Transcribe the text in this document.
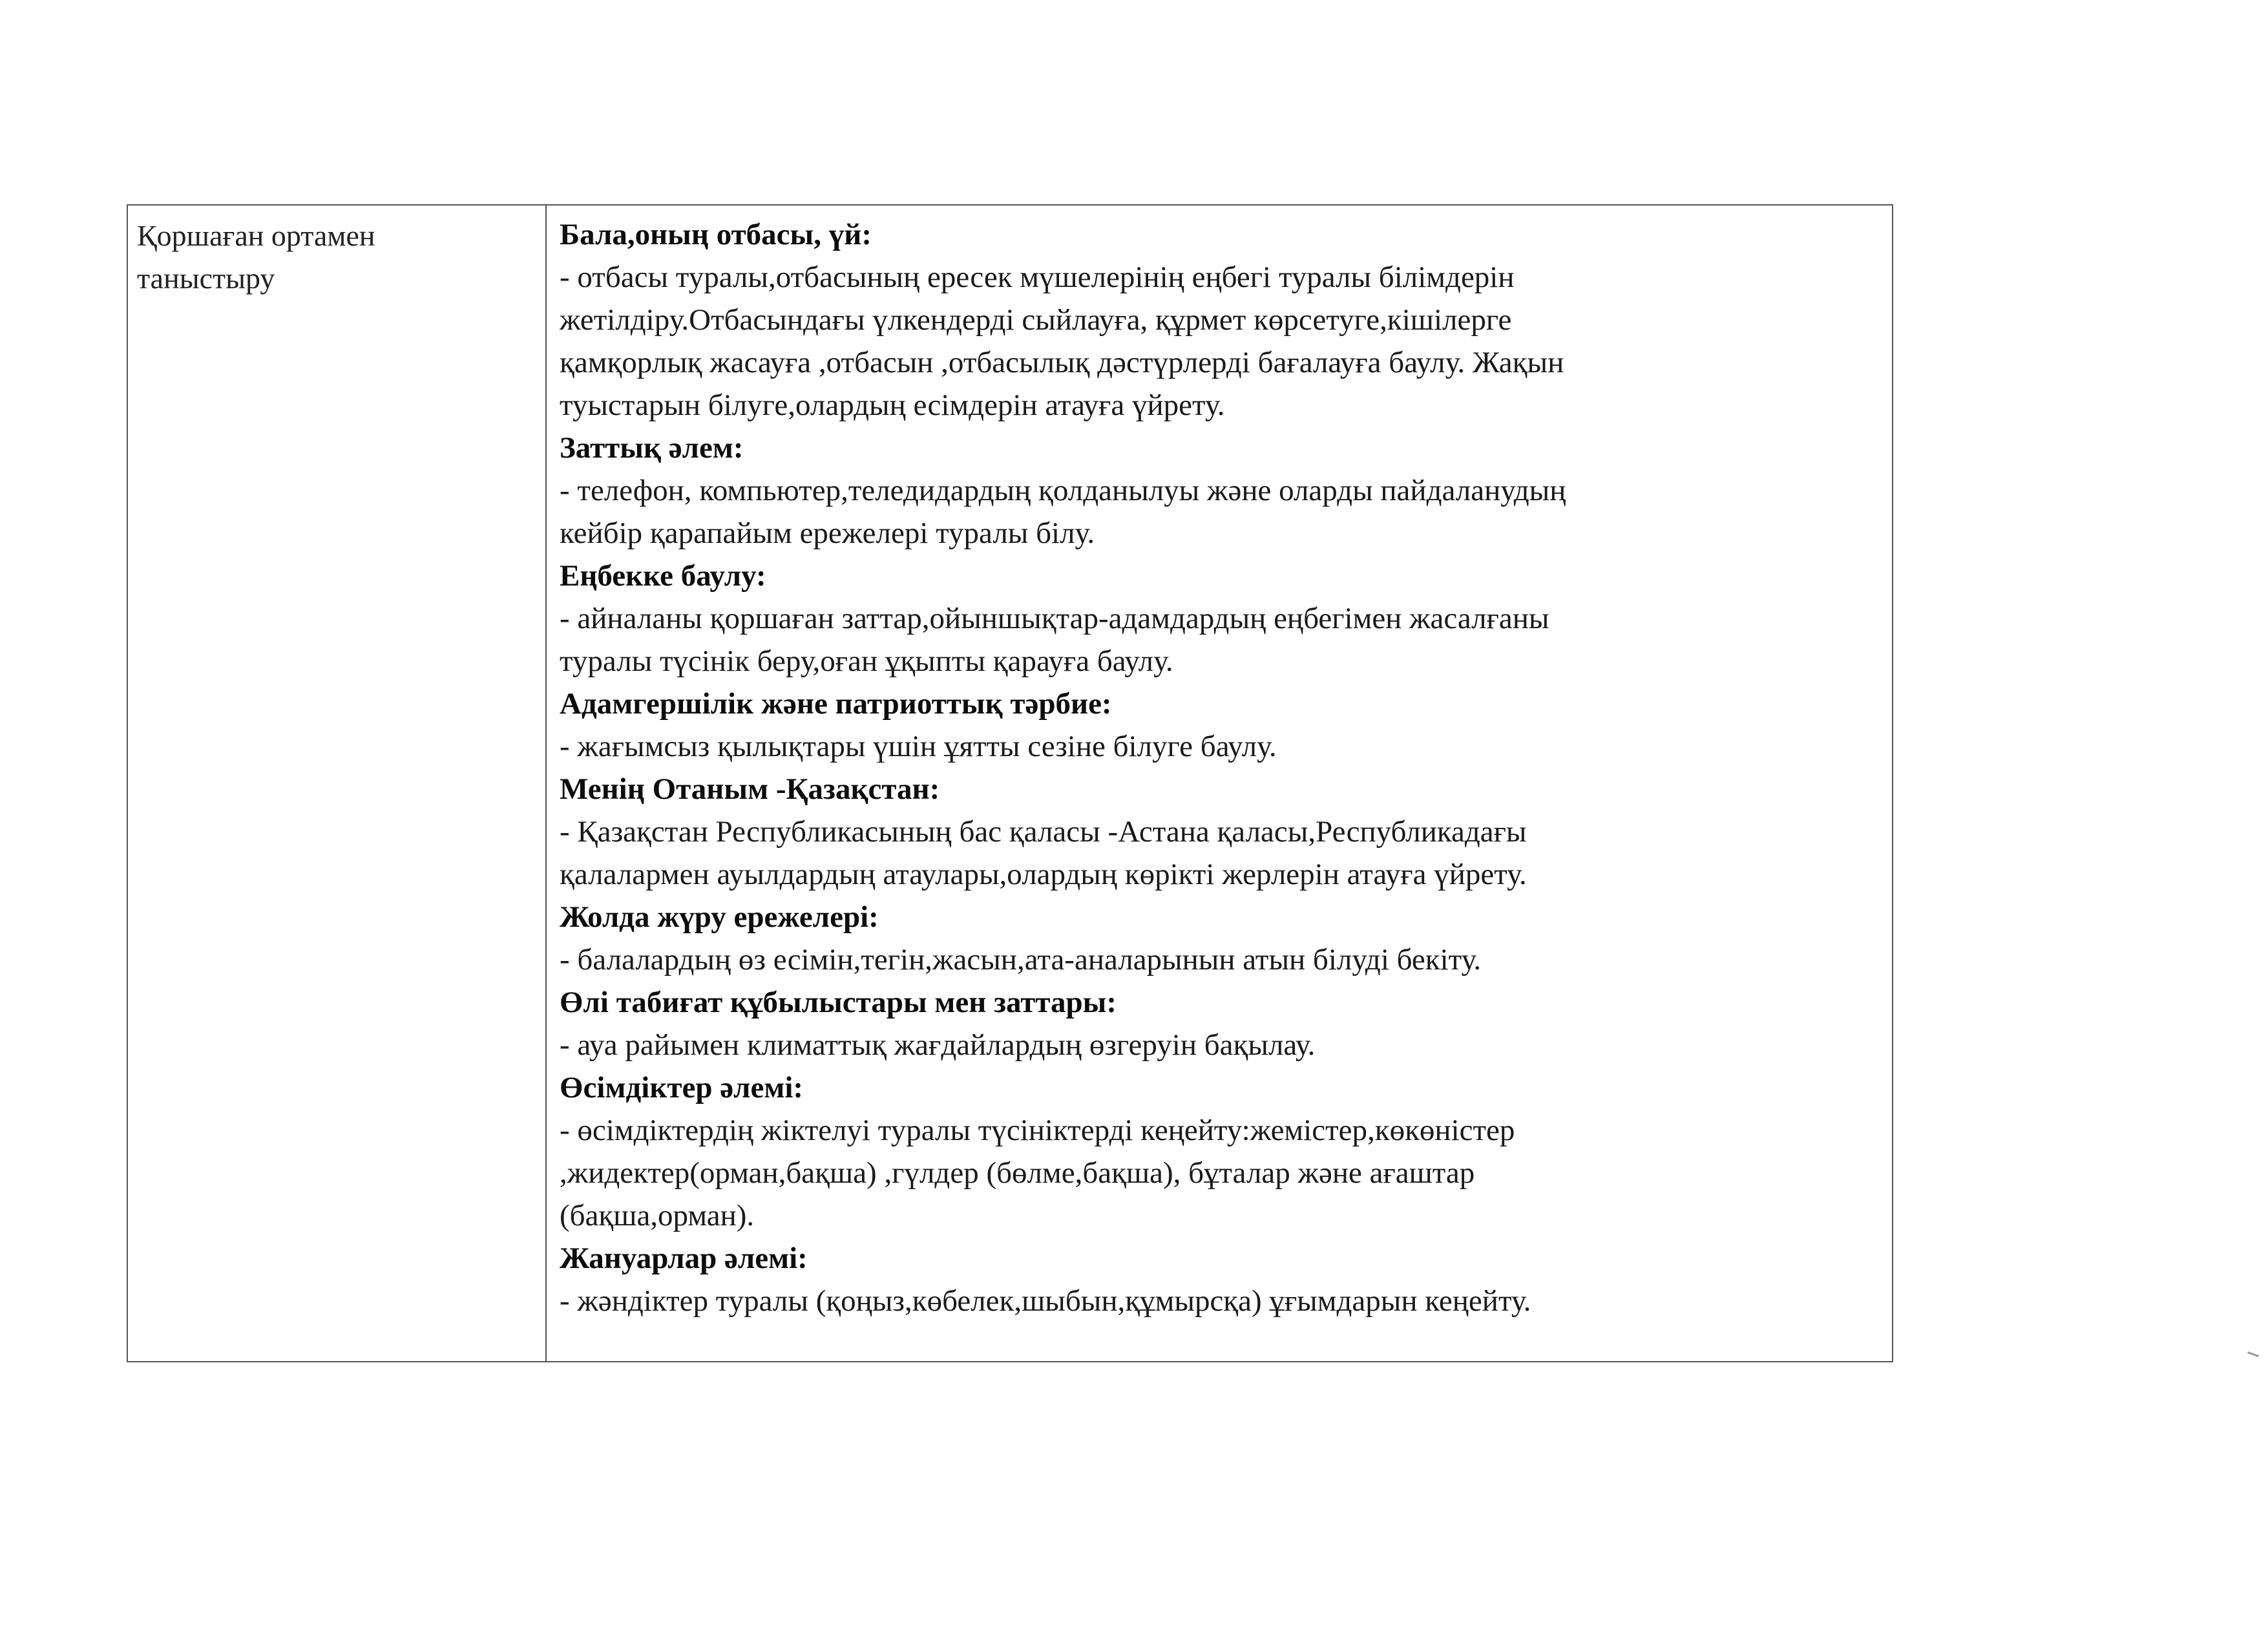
Қоршаған ортамен
таныстыру
Бала,оның отбасы, үй:
- отбасы туралы,отбасының ересек мүшелерінің еңбегі туралы білімдерін
жетілдіру.Отбасындағы үлкендерді сыйлауға, құрмет көрсетуге,кішілерге
қамқорлық жасауға ,отбасын ,отбасылық дәстүрлерді бағалауға баулу. Жақын
туыстарын білуге,олардың есімдерін атауға үйрету.
Заттық әлем:
- телефон, компьютер,теледидардың қолданылуы және оларды пайдаланудың
кейбір қарапайым ережелері туралы білу.
Еңбекке баулу:
- айналаны қоршаған заттар,ойыншықтар-адамдардың еңбегімен жасалғаны
туралы түсінік беру,оған ұқыпты қарауға баулу.
Адамгершілік және патриоттық тәрбие:
- жағымсыз қылықтары үшін ұятты сезіне білуге баулу.
Менің Отаным -Қазақстан:
- Қазақстан Республикасының бас қаласы -Астана қаласы,Республикадағы
қалалармен ауылдардың атаулары,олардың көрікті жерлерін атауға үйрету.
Жолда жүру ережелері:
- балалардың өз есімін,тегін,жасын,ата-аналарынын атын білуді бекіту.
Өлі табиғат құбылыстары мен заттары:
- ауа райымен климаттық жағдайлардың өзгеруін бақылау.
Өсімдіктер әлемі:
- өсімдіктердің жіктелуі туралы түсініктерді кеңейту:жемістер,көкөністер
,жидектер(орман,бақша) ,гүлдер (бөлме,бақша), бұталар және ағаштар
(бақша,орман).
Жануарлар әлемі:
- жәндіктер туралы (қоңыз,көбелек,шыбын,құмырсқа) ұғымдарын кеңейту.
